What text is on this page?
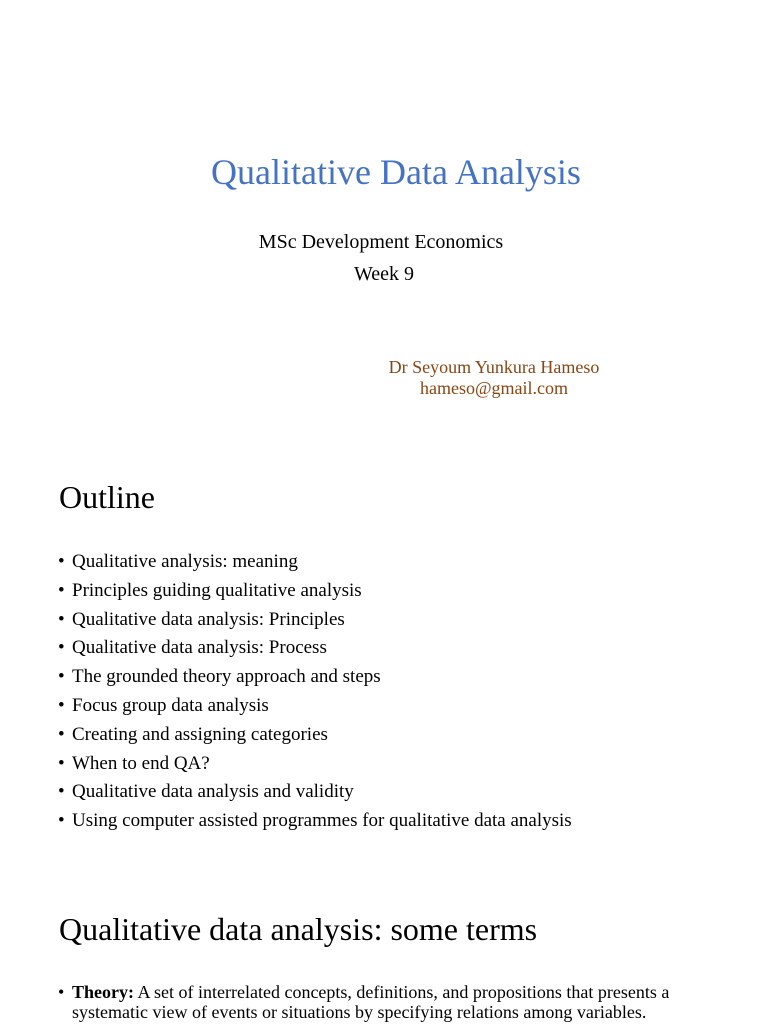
Qualitative Data Analysis
MSc Development Economics
Week 9
Dr Seyoum Yunkura Hameso
hameso@gmail.com
Outline
• Qualitative analysis: meaning
• Principles guiding qualitative analysis
• Qualitative data analysis: Principles
• Qualitative data analysis: Process
• The grounded theory approach and steps
• Focus group data analysis
• Creating and assigning categories
• When to end QA?
• Qualitative data analysis and validity
• Using computer assisted programmes for qualitative data analysis
Qualitative data analysis: some terms
• Theory: A set of interrelated concepts, definitions, and propositions that presents a systematic view of events or situations by specifying relations among variables.
